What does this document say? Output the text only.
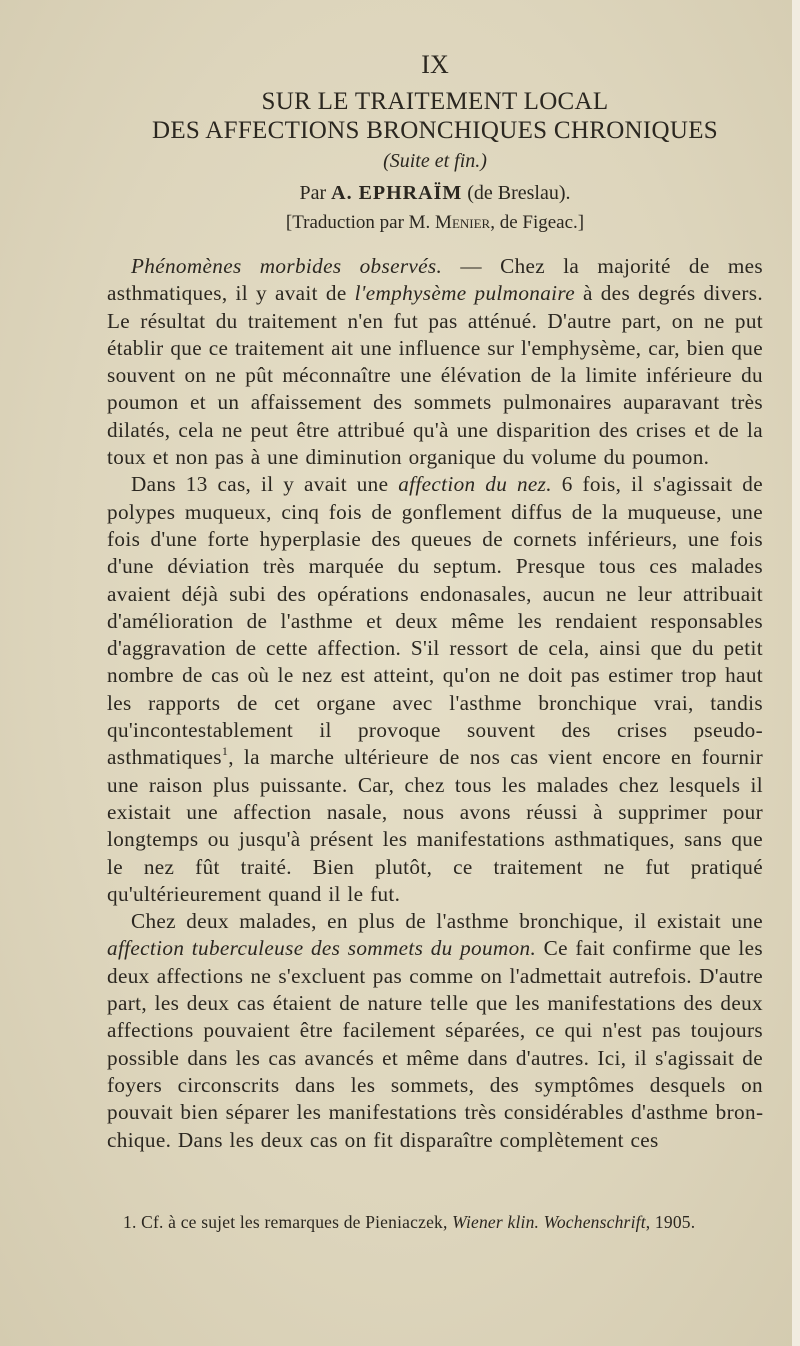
IX
SUR LE TRAITEMENT LOCAL
DES AFFECTIONS BRONCHIQUES CHRONIQUES
(Suite et fin.)
Par A. EPHRAÏM (de Breslau).
[Traduction par M. Menier, de Figeac.]

Phénomènes morbides observés. — Chez la majorité de mes asthmatiques, il y avait de l'emphysème pulmonaire à des degrés divers. Le résultat du traitement n'en fut pas atténué. D'autre part, on ne put établir que ce traitement ait une influence sur l'emphysème, car, bien que souvent on ne pût méconnaître une élévation de la limite inférieure du poumon et un affaissement des sommets pulmonaires auparavant très dilatés, cela ne peut être attribué qu'à une disparition des crises et de la toux et non pas à une diminution organique du volume du poumon.

Dans 13 cas, il y avait une affection du nez. 6 fois, il s'agissait de polypes muqueux, cinq fois de gonflement diffus de la muqueuse, une fois d'une forte hyperplasie des queues de cornets inférieurs, une fois d'une déviation très marquée du septum. Presque tous ces malades avaient déjà subi des opérations endonasales, aucun ne leur attribuait d'amélioration de l'asthme et deux même les rendaient responsables d'aggravation de cette affection. S'il ressort de cela, ainsi que du petit nombre de cas où le nez est atteint, qu'on ne doit pas estimer trop haut les rapports de cet organe avec l'asthme bronchique vrai, tandis qu'incontestablement il provoque souvent des crises pseudo-asthmatiques$^1$, la marche ultérieure de nos cas vient encore en fournir une raison plus puissante. Car, chez tous les malades chez lesquels il existait une affection nasale, nous avons réussi à supprimer pour longtemps ou jusqu'à présent les manifestations asthmatiques, sans que le nez fût traité. Bien plutôt, ce traitement ne fut pratiqué qu'ultérieurement quand il le fut.

Chez deux malades, en plus de l'asthme bronchique, il existait une affection tuberculeuse des sommets du poumon. Ce fait confirme que les deux affections ne s'excluent pas comme on l'admettait autrefois. D'autre part, les deux cas étaient de nature telle que les manifestations des deux affections pouvaient être facilement séparées, ce qui n'est pas toujours possible dans les cas avancés et même dans d'autres. Ici, il s'agissait de foyers circonscrits dans les sommets, des symptômes desquels on pouvait bien séparer les manifestations très considérables d'asthme bronchique. Dans les deux cas on fit disparaître complètement ces

1. Cf. à ce sujet les remarques de Pieniaczek, Wiener klin. Wochenschrift, 1905.
